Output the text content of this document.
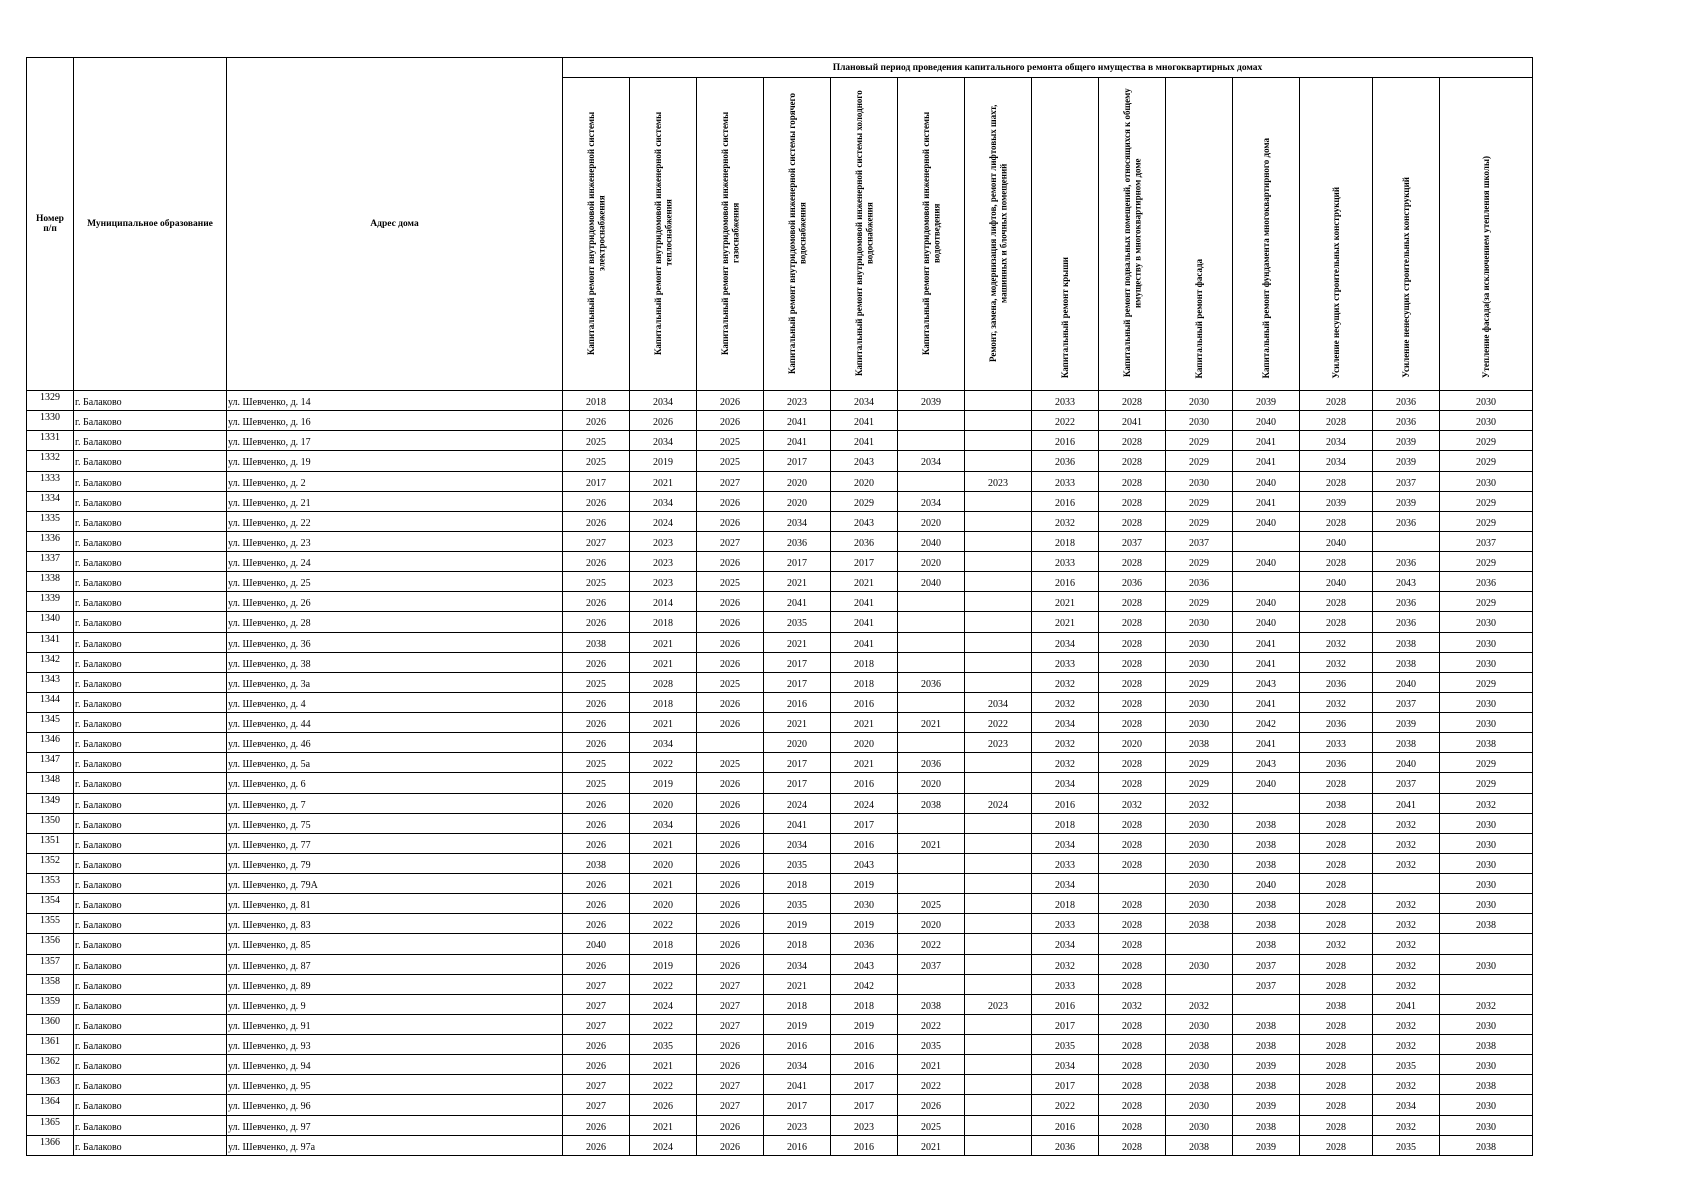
Номер п/п	Муниципальное образование	Адрес дома	Плановый период проведения капитального ремонта общего имущества в многоквартирных домах													

			Капитальный ремонт внутридомовой инженерной системы электроснабжения	Капитальный ремонт внутридомовой инженерной системы теплоснабжения	Капитальный ремонт внутридомовой инженерной системы газоснабжения	Капитальный ремонт внутридомовой инженерной системы горячего водоснабжения	Капитальный ремонт внутридомовой инженерной системы холодного водоснабжения	Капитальный ремонт внутридомовой инженерной системы водоотведения	Ремонт, замена, модернизация лифтов, ремонт лифтовых шахт, машинных и блочных помещений	Капитальный ремонт крыши	Капитальный ремонт подвальных помещений, относящихся к общему имуществу в многоквартирном доме	Капитальный ремонт фасада	Капитальный ремонт фундамента многоквартирного дома	Усиление несущих строительных конструкций	Усиление ненесущих строительных конструкций	Утепление фасада(за исключением утепления школы)

1329	г. Балаково	ул. Шевченко, д. 14	2018	2034	2026	2023	2034	2039		2033	2028	2030	2039	2028	2036	2030
1330	г. Балаково	ул. Шевченко, д. 16	2026	2026	2026	2041	2041			2022	2041	2030	2040	2028	2036	2030
1331	г. Балаково	ул. Шевченко, д. 17	2025	2034	2025	2041	2041			2016	2028	2029	2041	2034	2039	2029
1332	г. Балаково	ул. Шевченко, д. 19	2025	2019	2025	2017	2043	2034		2036	2028	2029	2041	2034	2039	2029
1333	г. Балаково	ул. Шевченко, д. 2	2017	2021	2027	2020	2020		2023	2033	2028	2030	2040	2028	2037	2030
1334	г. Балаково	ул. Шевченко, д. 21	2026	2034	2026	2020	2029	2034		2016	2028	2029	2041	2039	2039	2029
1335	г. Балаково	ул. Шевченко, д. 22	2026	2024	2026	2034	2043	2020		2032	2028	2029	2040	2028	2036	2029
1336	г. Балаково	ул. Шевченко, д. 23	2027	2023	2027	2036	2036	2040		2018	2037	2037		2040		2037
1337	г. Балаково	ул. Шевченко, д. 24	2026	2023	2026	2017	2017	2020		2033	2028	2029	2040	2028	2036	2029
1338	г. Балаково	ул. Шевченко, д. 25	2025	2023	2025	2021	2021	2040		2016	2036	2036		2040	2043	2036
1339	г. Балаково	ул. Шевченко, д. 26	2026	2014	2026	2041	2041			2021	2028	2029	2040	2028	2036	2029
1340	г. Балаково	ул. Шевченко, д. 28	2026	2018	2026	2035	2041			2021	2028	2030	2040	2028	2036	2030
1341	г. Балаково	ул. Шевченко, д. 36	2038	2021	2026	2021	2041			2034	2028	2030	2041	2032	2038	2030
1342	г. Балаково	ул. Шевченко, д. 38	2026	2021	2026	2017	2018			2033	2028	2030	2041	2032	2038	2030
1343	г. Балаково	ул. Шевченко, д. 3а	2025	2028	2025	2017	2018	2036		2032	2028	2029	2043	2036	2040	2029
1344	г. Балаково	ул. Шевченко, д. 4	2026	2018	2026	2016	2016		2034	2032	2028	2030	2041	2032	2037	2030
1345	г. Балаково	ул. Шевченко, д. 44	2026	2021	2026	2021	2021	2021	2022	2034	2028	2030	2042	2036	2039	2030
1346	г. Балаково	ул. Шевченко, д. 46	2026	2034		2020	2020		2023	2032	2020	2038	2041	2033	2038	2038
1347	г. Балаково	ул. Шевченко, д. 5а	2025	2022	2025	2017	2021	2036		2032	2028	2029	2043	2036	2040	2029
1348	г. Балаково	ул. Шевченко, д. 6	2025	2019	2026	2017	2016	2020		2034	2028	2029	2040	2028	2037	2029
1349	г. Балаково	ул. Шевченко, д. 7	2026	2020	2026	2024	2024	2038	2024	2016	2032	2032		2038	2041	2032
1350	г. Балаково	ул. Шевченко, д. 75	2026	2034	2026	2041	2017			2018	2028	2030	2038	2028	2032	2030
1351	г. Балаково	ул. Шевченко, д. 77	2026	2021	2026	2034	2016	2021		2034	2028	2030	2038	2028	2032	2030
1352	г. Балаково	ул. Шевченко, д. 79	2038	2020	2026	2035	2043			2033	2028	2030	2038	2028	2032	2030
1353	г. Балаково	ул. Шевченко, д. 79А	2026	2021	2026	2018	2019			2034		2030	2040	2028		2030
1354	г. Балаково	ул. Шевченко, д. 81	2026	2020	2026	2035	2030	2025		2018	2028	2030	2038	2028	2032	2030
1355	г. Балаково	ул. Шевченко, д. 83	2026	2022	2026	2019	2019	2020		2033	2028	2038	2038	2028	2032	2038
1356	г. Балаково	ул. Шевченко, д. 85	2040	2018	2026	2018	2036	2022		2034	2028		2038	2032	2032	
1357	г. Балаково	ул. Шевченко, д. 87	2026	2019	2026	2034	2043	2037		2032	2028	2030	2037	2028	2032	2030
1358	г. Балаково	ул. Шевченко, д. 89	2027	2022	2027	2021	2042			2033	2028		2037	2028	2032	
1359	г. Балаково	ул. Шевченко, д. 9	2027	2024	2027	2018	2018	2038	2023	2016	2032	2032		2038	2041	2032
1360	г. Балаково	ул. Шевченко, д. 91	2027	2022	2027	2019	2019	2022		2017	2028	2030	2038	2028	2032	2030
1361	г. Балаково	ул. Шевченко, д. 93	2026	2035	2026	2016	2016	2035		2035	2028	2038	2038	2028	2032	2038
1362	г. Балаково	ул. Шевченко, д. 94	2026	2021	2026	2034	2016	2021		2034	2028	2030	2039	2028	2035	2030
1363	г. Балаково	ул. Шевченко, д. 95	2027	2022	2027	2041	2017	2022		2017	2028	2038	2038	2028	2032	2038
1364	г. Балаково	ул. Шевченко, д. 96	2027	2026	2027	2017	2017	2026		2022	2028	2030	2039	2028	2034	2030
1365	г. Балаково	ул. Шевченко, д. 97	2026	2021	2026	2023	2023	2025		2016	2028	2030	2038	2028	2032	2030
1366	г. Балаково	ул. Шевченко, д. 97а	2026	2024	2026	2016	2016	2021		2036	2028	2038	2039	2028	2035	2038
